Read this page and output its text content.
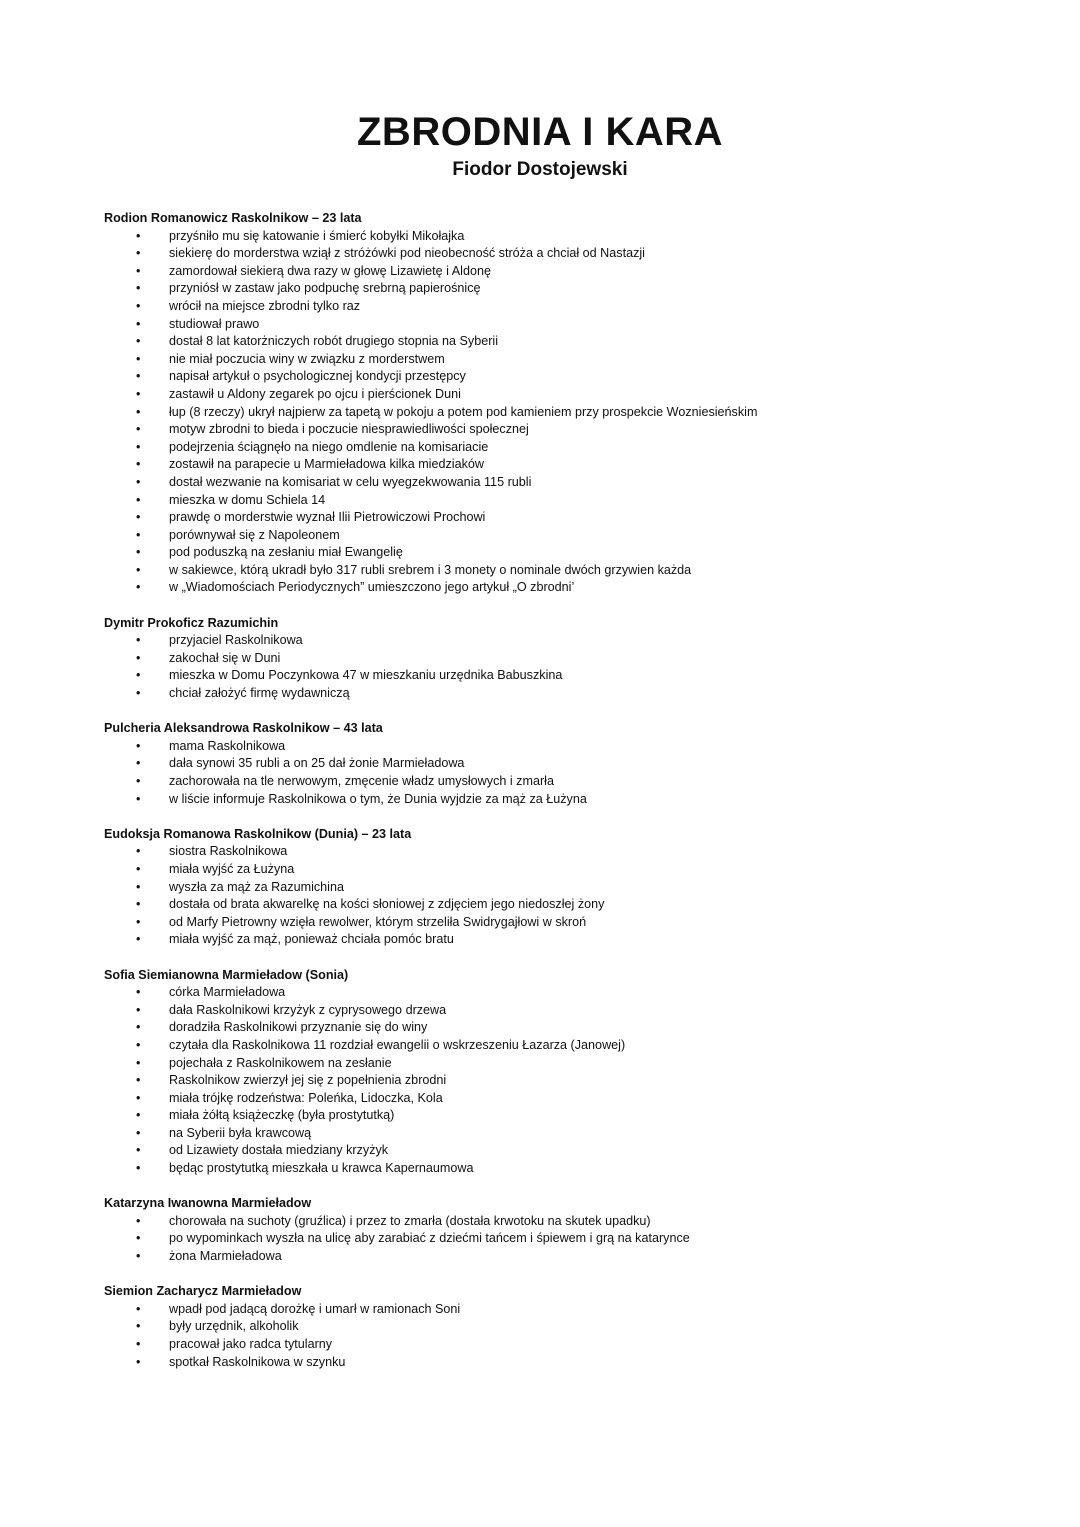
ZBRODNIA I KARA
Fiodor Dostojewski
Rodion Romanowicz Raskolnikow – 23 lata
• przyśniło mu się katowanie i śmierć kobyłki Mikołajka
• siekierę do morderstwa wziął z stróżówki pod nieobecność stróża a chciał od Nastazji
• zamordował siekierą dwa razy w głowę Lizawietę i Aldonę
• przyniósł w zastaw jako podpuchę srebrną papierośnicę
• wrócił na miejsce zbrodni tylko raz
• studiował prawo
• dostał 8 lat katorżniczych robót drugiego stopnia na Syberii
• nie miał poczucia winy w związku z morderstwem
• napisał artykuł o psychologicznej kondycji przestępcy
• zastawił u Aldony zegarek po ojcu i pierścionek Duni
• łup (8 rzeczy) ukrył najpierw za tapetą w pokoju a potem pod kamieniem przy prospekcie Wozniesieńskim
• motyw zbrodni to bieda i poczucie niesprawiedliwości społecznej
• podejrzenia ściągnęło na niego omdlenie na komisariacie
• zostawił na parapecie u Marmieładowa kilka miedziaków
• dostał wezwanie na komisariat w celu wyegzekwowania 115 rubli
• mieszka w domu Schiela 14
• prawdę o morderstwie wyznał Ilii Pietrowiczowi Prochowi
• porównywał się z Napoleonem
• pod poduszką na zesłaniu miał Ewangelię
• w sakiewce, którą ukradł było 317 rubli srebrem i 3 monety o nominale dwóch grzywien każda
• w „Wiadomościach Periodycznych” umieszczono jego artykuł „O zbrodni’
Dymitr Prokoficz Razumichin
• przyjaciel Raskolnikowa
• zakochał się w Duni
• mieszka w Domu Poczynkowa 47 w mieszkaniu urzędnika Babuszkina
• chciał założyć firmę wydawniczą
Pulcheria Aleksandrowa Raskolnikow – 43 lata
• mama Raskolnikowa
• dała synowi 35 rubli a on 25 dał żonie Marmieładowa
• zachorowała na tle nerwowym, zmęcenie władz umysłowych i zmarła
• w liście informuje Raskolnikowa o tym, że Dunia wyjdzie za mąż za Łużyna
Eudoksja Romanowa Raskolnikow (Dunia) – 23 lata
• siostra Raskolnikowa
• miała wyjść za Łużyna
• wyszła za mąż za Razumichina
• dostała od brata akwarelkę na kości słoniowej z zdjęciem jego niedoszłej żony
• od Marfy Pietrowny wzięła rewolwer, którym strzeliła Swidrygajłowi w skroń
• miała wyjść za mąż, ponieważ chciała pomóc bratu
Sofia Siemianowna Marmieładow (Sonia)
• córka Marmieładowa
• dała Raskolnikowi krzyżyk z cyprysowego drzewa
• doradziła Raskolnikowi przyznanie się do winy
• czytała dla Raskolnikowa 11 rozdział ewangelii o wskrzeszeniu Łazarza (Janowej)
• pojechała z Raskolnikowem na zesłanie
• Raskolnikow zwierzył jej się z popełnienia zbrodni
• miała trójkę rodzeństwa: Poleńka, Lidoczka, Kola
• miała żółtą książeczkę (była prostytutką)
• na Syberii była krawcową
• od Lizawiety dostała miedziany krzyżyk
• będąc prostytutką mieszkała u krawca Kapernaumowa
Katarzyna Iwanowna Marmieładow
• chorowała na suchoty (gruźlica) i przez to zmarła (dostała krwotoku na skutek upadku)
• po wypominkach wyszła na ulicę aby zarabiać z dziećmi tańcem i śpiewem i grą na katarynce
• żona Marmieładowa
Siemion Zacharycz Marmieładow
• wpadł pod jadącą dorożkę i umarł w ramionach Soni
• były urzędnik, alkoholik
• pracował jako radca tytularny
• spotkał Raskolnikowa w szynku
